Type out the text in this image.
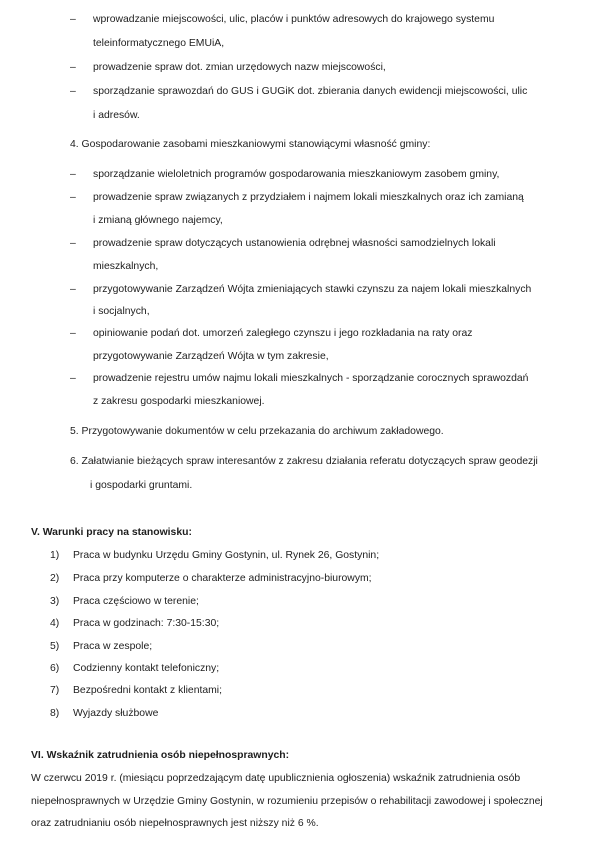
– wprowadzanie miejscowości, ulic, placów i punktów adresowych do krajowego systemu
teleinformatycznego EMUiA,
– prowadzenie spraw dot. zmian urzędowych nazw miejscowości,
– sporządzanie sprawozdań do GUS i GUGiK dot. zbierania danych ewidencji miejscowości, ulic
i adresów.
4. Gospodarowanie zasobami mieszkaniowymi stanowiącymi własność gminy:
– sporządzanie wieloletnich programów gospodarowania mieszkaniowym zasobem gminy,
– prowadzenie spraw związanych z przydziałem i najmem lokali mieszkalnych oraz ich zamianą
i zmianą głównego najemcy,
– prowadzenie spraw dotyczących ustanowienia odrębnej własności samodzielnych lokali
mieszkalnych,
– przygotowywanie Zarządzeń Wójta zmieniających stawki czynszu za najem lokali mieszkalnych
i socjalnych,
– opiniowanie podań dot. umorzeń zaległego czynszu i jego rozkładania na raty oraz
przygotowywanie Zarządzeń Wójta w tym zakresie,
– prowadzenie rejestru umów najmu lokali mieszkalnych - sporządzanie corocznych sprawozdań
z zakresu gospodarki mieszkaniowej.
5. Przygotowywanie dokumentów w celu przekazania do archiwum zakładowego.
6. Załatwianie bieżących spraw interesantów z zakresu działania referatu dotyczących spraw geodezji
i gospodarki gruntami.
V. Warunki pracy na stanowisku:
1) Praca w budynku Urzędu Gminy Gostynin, ul. Rynek 26, Gostynin;
2) Praca przy komputerze o charakterze administracyjno-biurowym;
3) Praca częściowo w terenie;
4) Praca w godzinach: 7:30-15:30;
5) Praca w zespole;
6) Codzienny kontakt telefoniczny;
7) Bezpośredni kontakt z klientami;
8) Wyjazdy służbowe
VI. Wskaźnik zatrudnienia osób niepełnosprawnych:
W czerwcu 2019 r. (miesiącu poprzedzającym datę upublicznienia ogłoszenia) wskaźnik zatrudnienia osób
niepełnosprawnych w Urzędzie Gminy Gostynin, w rozumieniu przepisów o rehabilitacji zawodowej i społecznej
oraz zatrudnianiu osób niepełnosprawnych jest niższy niż 6 %.
